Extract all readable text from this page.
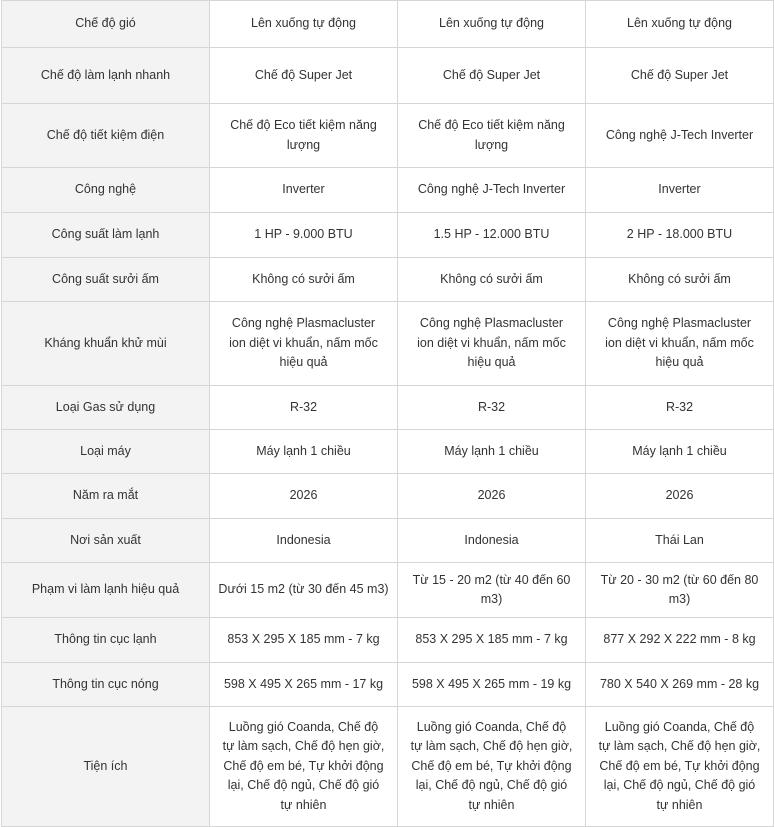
Chế độ gió	Lên xuống tự động	Lên xuống tự động	Lên xuống tự động
Chế độ làm lạnh nhanh	Chế độ Super Jet	Chế độ Super Jet	Chế độ Super Jet
Chế độ tiết kiệm điện	Chế độ Eco tiết kiệm năng lượng	Chế độ Eco tiết kiệm năng lượng	Công nghệ J-Tech Inverter
Công nghệ	Inverter	Công nghệ J-Tech Inverter	Inverter
Công suất làm lạnh	1 HP - 9.000 BTU	1.5 HP - 12.000 BTU	2 HP - 18.000 BTU
Công suất sưởi ấm	Không có sưởi ấm	Không có sưởi ấm	Không có sưởi ấm
Kháng khuẩn khử mùi	Công nghệ Plasmacluster ion diệt vi khuẩn, nấm mốc hiệu quả	Công nghệ Plasmacluster ion diệt vi khuẩn, nấm mốc hiệu quả	Công nghệ Plasmacluster ion diệt vi khuẩn, nấm mốc hiệu quả
Loại Gas sử dụng	R-32	R-32	R-32
Loại máy	Máy lạnh 1 chiều	Máy lạnh 1 chiều	Máy lạnh 1 chiều
Năm ra mắt	2026	2026	2026
Nơi sản xuất	Indonesia	Indonesia	Thái Lan
Phạm vi làm lạnh hiệu quả	Dưới 15 m2 (từ 30 đến 45 m3)	Từ 15 - 20 m2 (từ 40 đến 60 m3)	Từ 20 - 30 m2 (từ 60 đến 80 m3)
Thông tin cục lạnh	853 X 295 X 185 mm - 7 kg	853 X 295 X 185 mm - 7 kg	877 X 292 X 222 mm - 8 kg
Thông tin cục nóng	598 X 495 X 265 mm - 17 kg	598 X 495 X 265 mm - 19 kg	780 X 540 X 269 mm - 28 kg
Tiện ích	Luồng gió Coanda, Chế độ tự làm sạch, Chế độ hẹn giờ, Chế độ em bé, Tự khởi động lại, Chế độ ngủ, Chế độ gió tự nhiên	Luồng gió Coanda, Chế độ tự làm sạch, Chế độ hẹn giờ, Chế độ em bé, Tự khởi động lại, Chế độ ngủ, Chế độ gió tự nhiên	Luồng gió Coanda, Chế độ tự làm sạch, Chế độ hẹn giờ, Chế độ em bé, Tự khởi động lại, Chế độ ngủ, Chế độ gió tự nhiên
